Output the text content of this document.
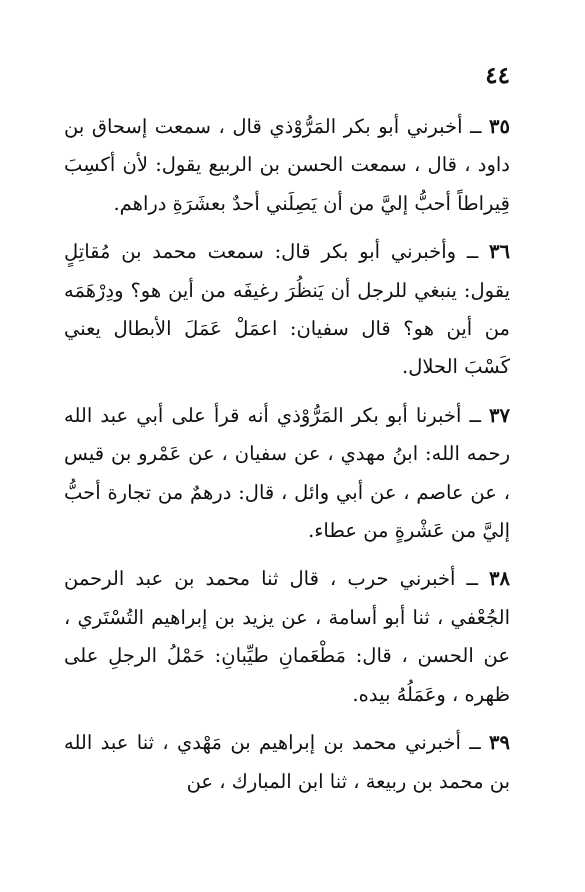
٤٤

٣٥ ــ أخبرني أبو بكر المَرُّوْذي قال ، سمعت إسحاق بن داود ، قال ، سمعت الحسن بن الربيع يقول: لأن أكسِبَ قِيراطاً أحبُّ إليَّ من أن يَصِلَني أحدٌ بعشَرَةِ دراهم.

٣٦ ــ وأخبرني أبو بكر قال: سمعت محمد بن مُقاتِلٍ يقول: ينبغي للرجل أن يَنظُرَ رغيفَه من أين هو؟ ودِرْهَمَه من أين هو؟ قال سفيان: اعمَلْ عَمَلَ الأبطال يعني كَسْبَ الحلال.

٣٧ ــ أخبرنا أبو بكر المَرُّوْذي أنه قرأ على أبي عبد الله رحمه الله: ابنُ مهدي ، عن سفيان ، عن عَمْرو بن قيس ، عن عاصم ، عن أبي وائل ، قال: درهمٌ من تجارة أحبُّ إليَّ من عَشْرةٍ من عطاء.

٣٨ ــ أخبرني حرب ، قال ثنا محمد بن عبد الرحمن الجُعْفي ، ثنا أبو أسامة ، عن يزيد بن إبراهيم التُسْتَري ، عن الحسن ، قال: مَطْعَمانِ طيِّبانِ: حَمْلُ الرجلِ على ظهره ، وعَمَلُهُ بيده.

٣٩ ــ أخبرني محمد بن إبراهيم بن مَهْدي ، ثنا عبد الله بن محمد بن ربيعة ، ثنا ابن المبارك ، عن
